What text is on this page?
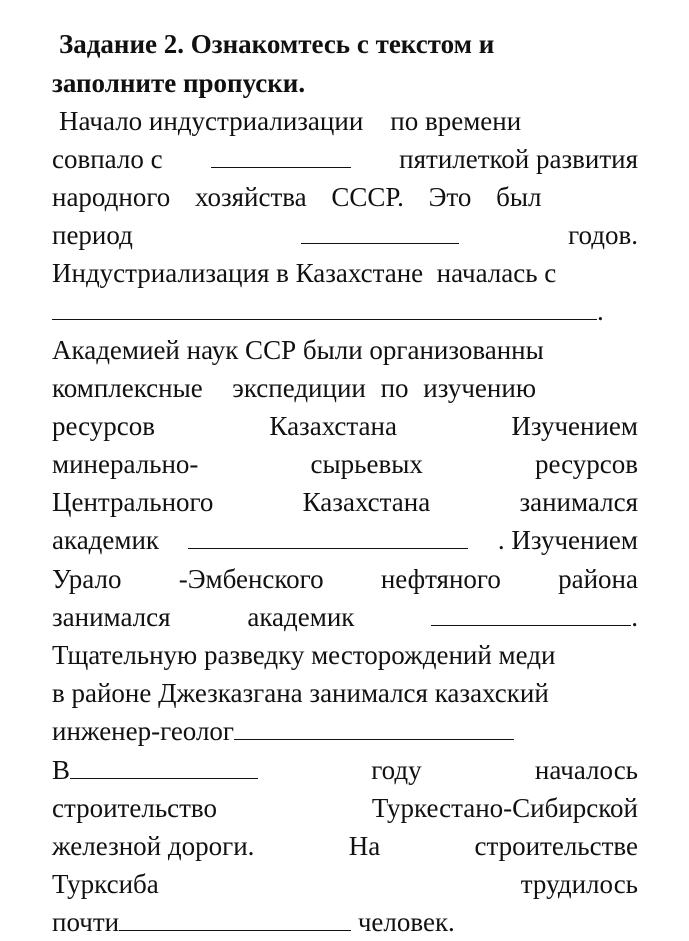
Задание 2. Ознакомтесь с текстом и
заполните пропуски.
Начало индустриализации    по времени
совпало с	пятилеткой развития
народного хозяйства СССР. Это был
период	годов.
Индустриализация в Казахстане  началась с
.
Академией наук ССР были организованны
комплексные  экспедиции по изучению
ресурсов	Казахстана	Изучением
минерально-	сырьевых	ресурсов
Центрального	Казахстана	занимался
академик	. Изучением
Урало -Эмбенского нефтяного района
занимался	академик	.
Тщательную разведку месторождений меди
в районе Джезказгана занимался казахский
инженер-геолог
В	году	началось
строительство	Туркестано-Сибирской
железной дороги.	На	строительстве
Турксиба	трудилось
почти	человек.
